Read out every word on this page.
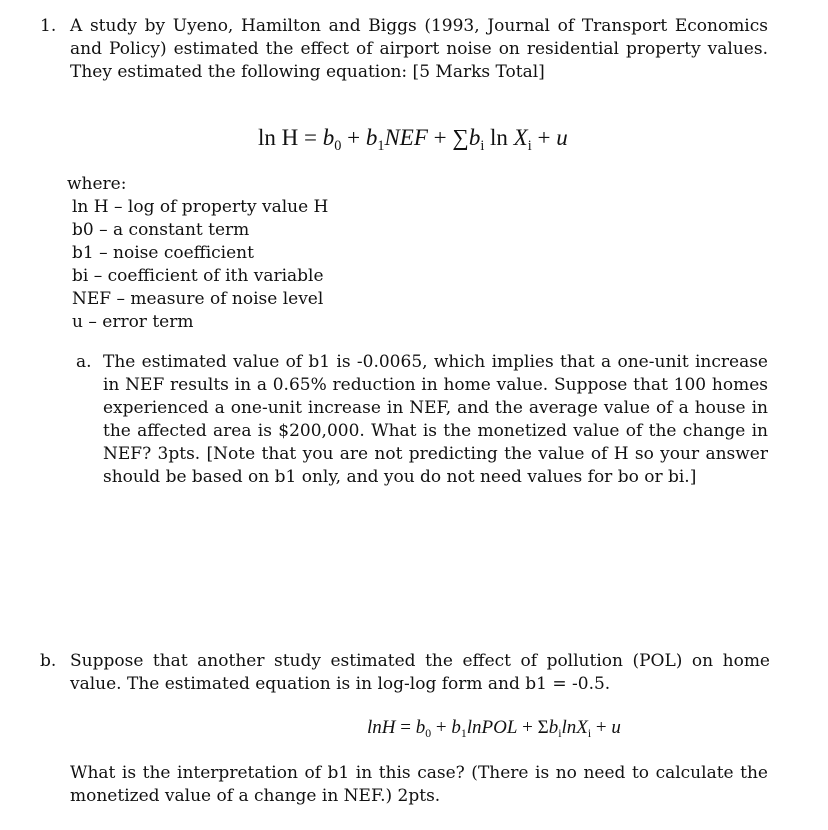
1. A study by Uyeno, Hamilton and Biggs (1993, Journal of Transport Economics and Policy) estimated the effect of airport noise on residential property values. They estimated the following equation: [5 Marks Total]
$\ln H = b_0 + b_1NEF + \sum b_i$ $\ln X_i + u$
where:
ln H – log of property value H
b0 – a constant term
b1 – noise coefficient
bi – coefficient of ith variable
NEF – measure of noise level
u – error term
a. The estimated value of b1 is -0.0065, which implies that a one-unit increase in NEF results in a 0.65% reduction in home value. Suppose that 100 homes experienced a one-unit increase in NEF, and the average value of a house in the affected area is $200,000. What is the monetized value of the change in NEF? 3pts. [Note that you are not predicting the value of H so your answer should be based on b1 only, and you do not need values for bo or bi.]
b. Suppose that another study estimated the effect of pollution (POL) on home value. The estimated equation is in log-log form and b1 = -0.5.
$\ln H = b_0$ + $b_1lnPOL + \Sigma b_i\ln X_i + u$
What is the interpretation of b1 in this case? (There is no need to calculate the monetized value of a change in NEF.) 2pts.
